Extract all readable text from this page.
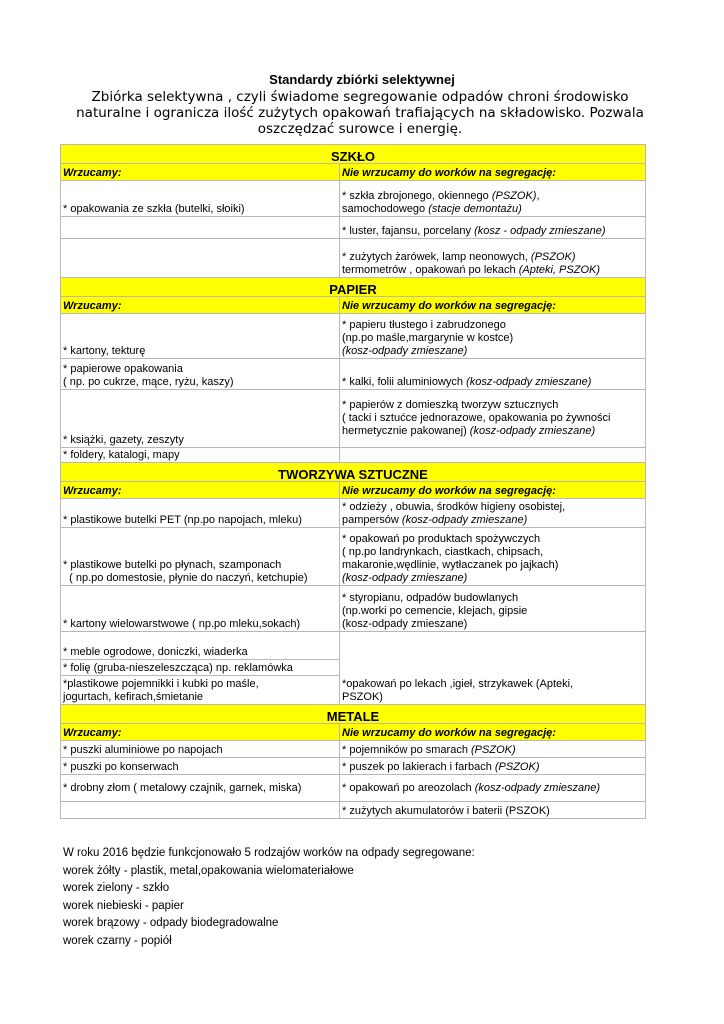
Standardy zbiórki selektywnej
Zbiórka selektywna , czyli świadome segregowanie odpadów chroni środowisko naturalne i ogranicza ilość zużytych opakowań trafiających na składowisko. Pozwala oszczędzać surowce i energię.
SZKŁO	
Wrzucamy:	Nie wrzucamy do worków na segregację:
* opakowania ze szkła (butelki, słoiki)	* szkła zbrojonego, okiennego (PSZOK),
samochodowego (stacje demontażu)
	* luster, fajansu, porcelany (kosz - odpady zmieszane)
	* zużytych żarówek, lamp neonowych, (PSZOK)
termometrów , opakowań po lekach (Apteki, PSZOK)
PAPIER	
Wrzucamy:	Nie wrzucamy do worków na segregację:
* kartony, tekturę	* papieru tłustego i zabrudzonego
(np.po maśle,margarynie w kostce)
(kosz-odpady zmieszane)
* papierowe opakowania
( np. po cukrze, mące, ryżu, kaszy)	* kalki, folii aluminiowych (kosz-odpady zmieszane)
* książki, gazety, zeszyty	* papierów z domieszką tworzyw sztucznych
( tacki i sztućce jednorazowe, opakowania po żywności
hermetycznie pakowanej) (kosz-odpady zmieszane)
* foldery, katalogi, mapy	
TWORZYWA SZTUCZNE	
Wrzucamy:	Nie wrzucamy do worków na segregację:
* plastikowe butelki PET (np.po napojach, mleku)	* odzieży , obuwia, środków higieny osobistej,
pampersów (kosz-odpady zmieszane)
* plastikowe butelki po płynach, szamponach
( np.po domestosie, płynie do naczyń, ketchupie)	* opakowań po produktach spożywczych
( np.po landrynkach, ciastkach, chipsach,
makaronie,wędlinie, wytłaczanek po jajkach)
(kosz-odpady zmieszane)
* kartony wielowarstwowe ( np.po mleku,sokach)	* styropianu, odpadów budowlanych
(np.worki po cemencie, klejach, gipsie
(kosz-odpady zmieszane)
* meble ogrodowe, doniczki, wiaderka	*opakowań po lekach ,igieł, strzykawek (Apteki,
PSZOK)
* folię (gruba-nieszeleszcząca) np. reklamówka	
*plastikowe pojemnikki i kubki po maśle,
jogurtach, kefirach,śmietanie	
METALE	
Wrzucamy:	Nie wrzucamy do worków na segregację:
* puszki aluminiowe po napojach	* pojemników po smarach (PSZOK)
* puszki po konserwach	* puszek po lakierach i farbach (PSZOK)
* drobny złom ( metalowy czajnik, garnek, miska)	* opakowań po areozolach (kosz-odpady zmieszane)
	* zużytych akumulatorów i baterii (PSZOK)
W roku 2016 będzie funkcjonowało 5 rodzajów worków na odpady segregowane:
worek żółty - plastik, metal,opakowania wielomateriałowe
worek zielony - szkło
worek niebieski - papier
worek brązowy - odpady biodegradowalne
worek czarny - popiół
